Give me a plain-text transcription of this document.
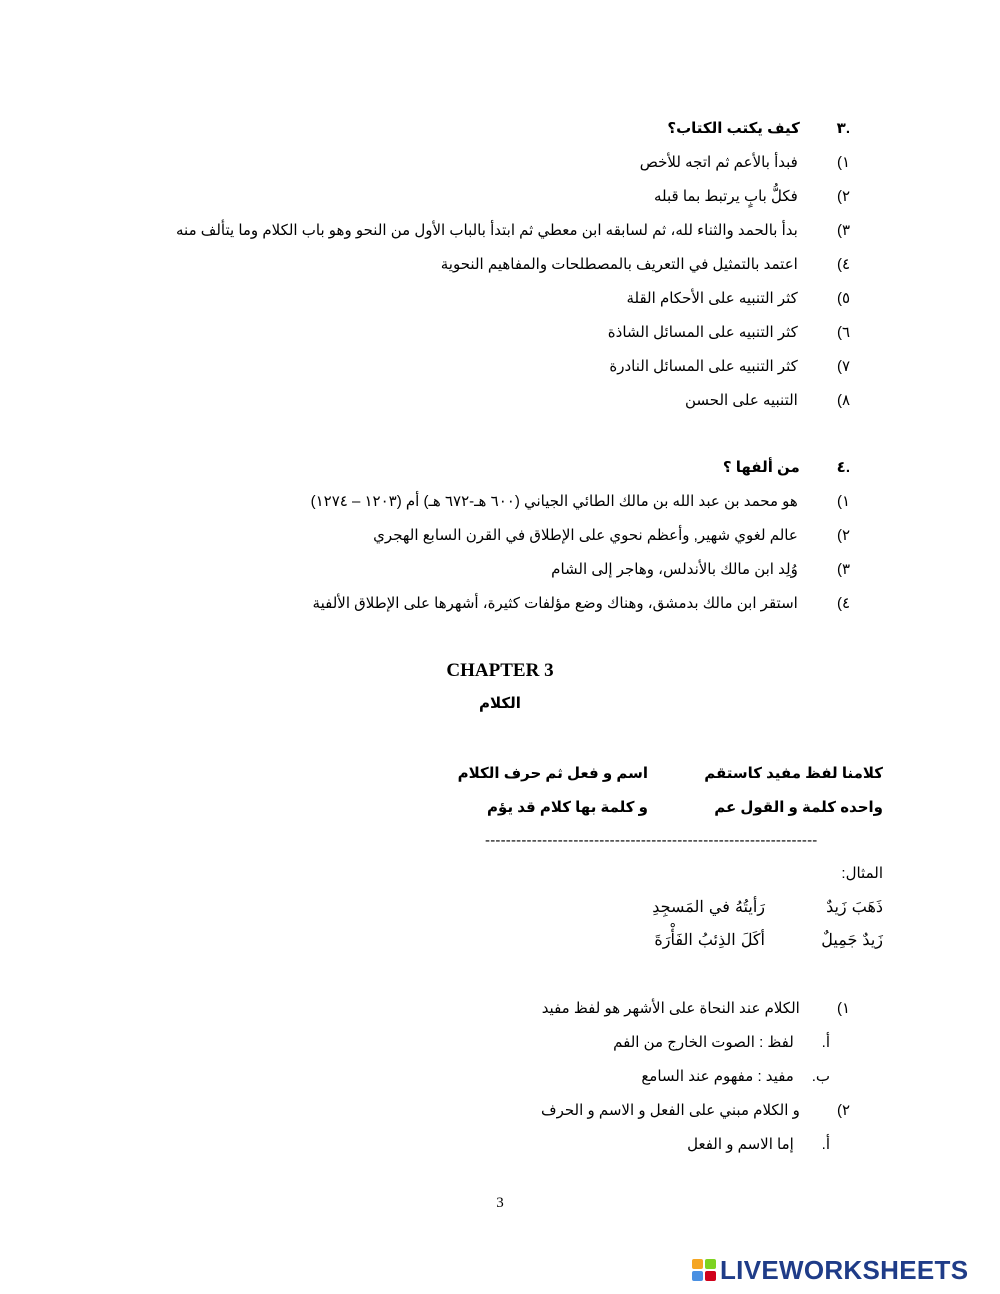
.٣ كيف يكتب الكتاب؟
١) فبدأ بالأعم ثم اتجه للأخص
٢) فكلُّ بابٍ يرتبط بما قبله
٣) بدأ بالحمد والثناء لله، ثم لسابقه ابن معطي ثم ابتدأ بالباب الأول من النحو وهو باب الكلام وما يتألف منه
٤) اعتمد بالتمثيل في التعريف بالمصطلحات والمفاهيم النحوية
٥) كثر التنبيه على الأحكام القلة
٦) كثر التنبيه على المسائل الشاذة
٧) كثر التنبيه على المسائل النادرة
٨) التنبيه على الحسن
.٤ من ألفها ؟
١) هو محمد بن عبد الله بن مالك الطائي الجياني (٦٠٠ هـ-٦٧٢ هـ) أم (١٢٠٣ – ١٢٧٤)
٢) عالم لغوي شهير, وأعظم نحوي على الإطلاق في القرن السابع الهجري
٣) وُلِد ابن مالك بالأندلس، وهاجر إلى الشام
٤) استقر ابن مالك بدمشق، وهناك وضع مؤلفات كثيرة، أشهرها على الإطلاق الألفية
CHAPTER 3
الكلام
كلامنا لفظ مفيد كاستقم
اسم و فعل ثم حرف الكلام
واحده كلمة و القول عم
و كلمة بها كلام قد يؤم
----------------------------------------------------------------
المثال:
ذَهَبَ زَيدٌ
رَأيتُهُ في المَسجِدِ
زَيدٌ جَمِيلٌ
أكَلَ الذِئبُ الفَأْرَةَ
١) الكلام عند النحاة على الأشهر هو لفظ مفيد
أ. لفظ : الصوت الخارج من الفم
ب. مفيد : مفهوم عند السامع
٢) و الكلام مبني على الفعل و الاسم و الحرف
أ. إما الاسم و الفعل
3
LIVEWORKSHEETS
